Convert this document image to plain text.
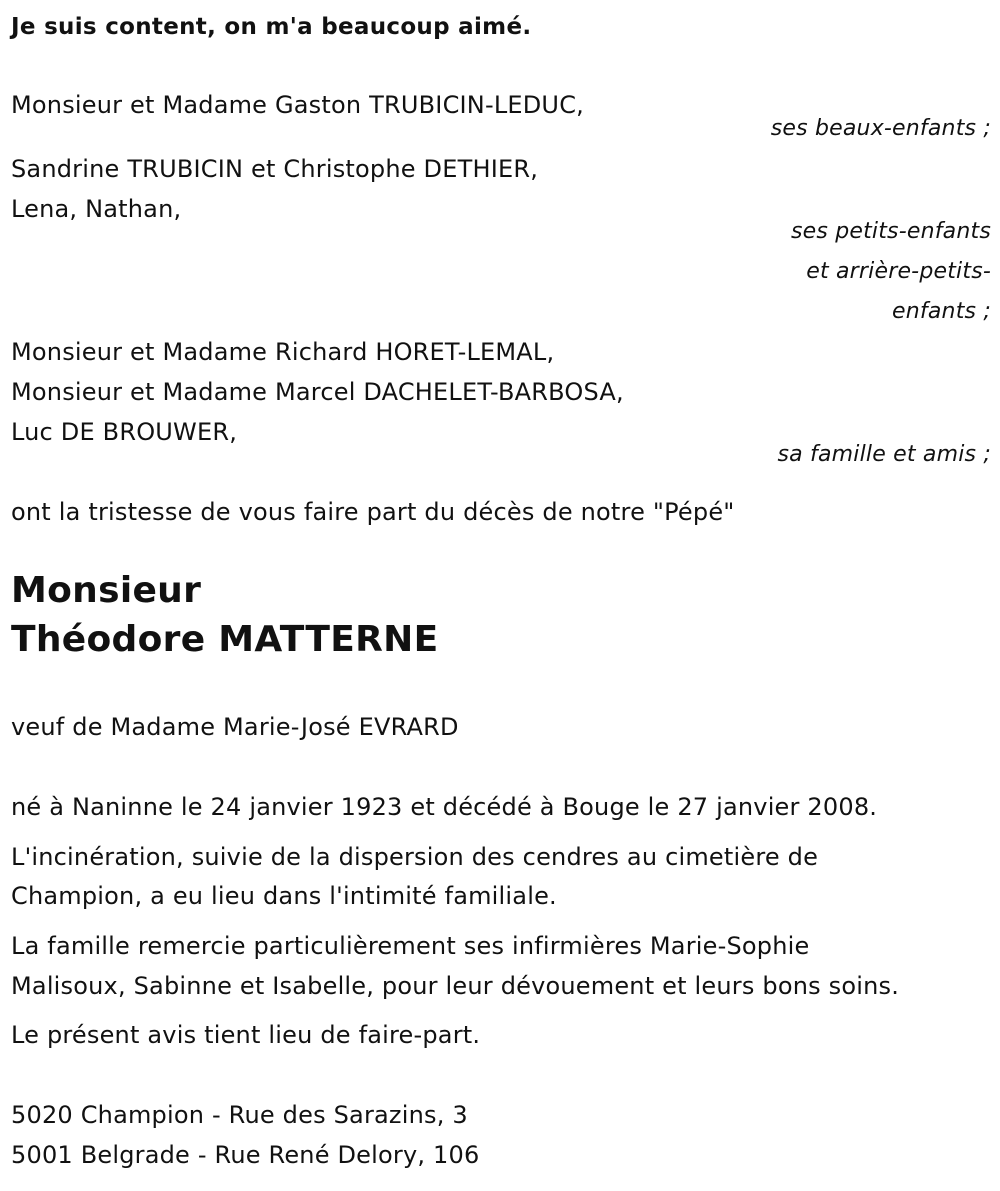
Je suis content, on m'a beaucoup aimé.
Monsieur et Madame Gaston TRUBICIN-LEDUC,
ses beaux-enfants ;
Sandrine TRUBICIN et Christophe DETHIER,
Lena, Nathan,
ses petits-enfants
et arrière-petits-
enfants ;
Monsieur et Madame Richard HORET-LEMAL,
Monsieur et Madame Marcel DACHELET-BARBOSA,
Luc DE BROUWER,
sa famille et amis ;
ont la tristesse de vous faire part du décès de notre "Pépé"
Monsieur
Théodore MATTERNE
veuf de Madame Marie-José EVRARD
né à Naninne le 24 janvier 1923 et décédé à Bouge le 27 janvier 2008.
L'incinération, suivie de la dispersion des cendres au cimetière de
Champion, a eu lieu dans l'intimité familiale.
La famille remercie particulièrement ses infirmières Marie-Sophie
Malisoux, Sabinne et Isabelle, pour leur dévouement et leurs bons soins.
Le présent avis tient lieu de faire-part.
5020 Champion - Rue des Sarazins, 3
5001 Belgrade - Rue René Delory, 106
